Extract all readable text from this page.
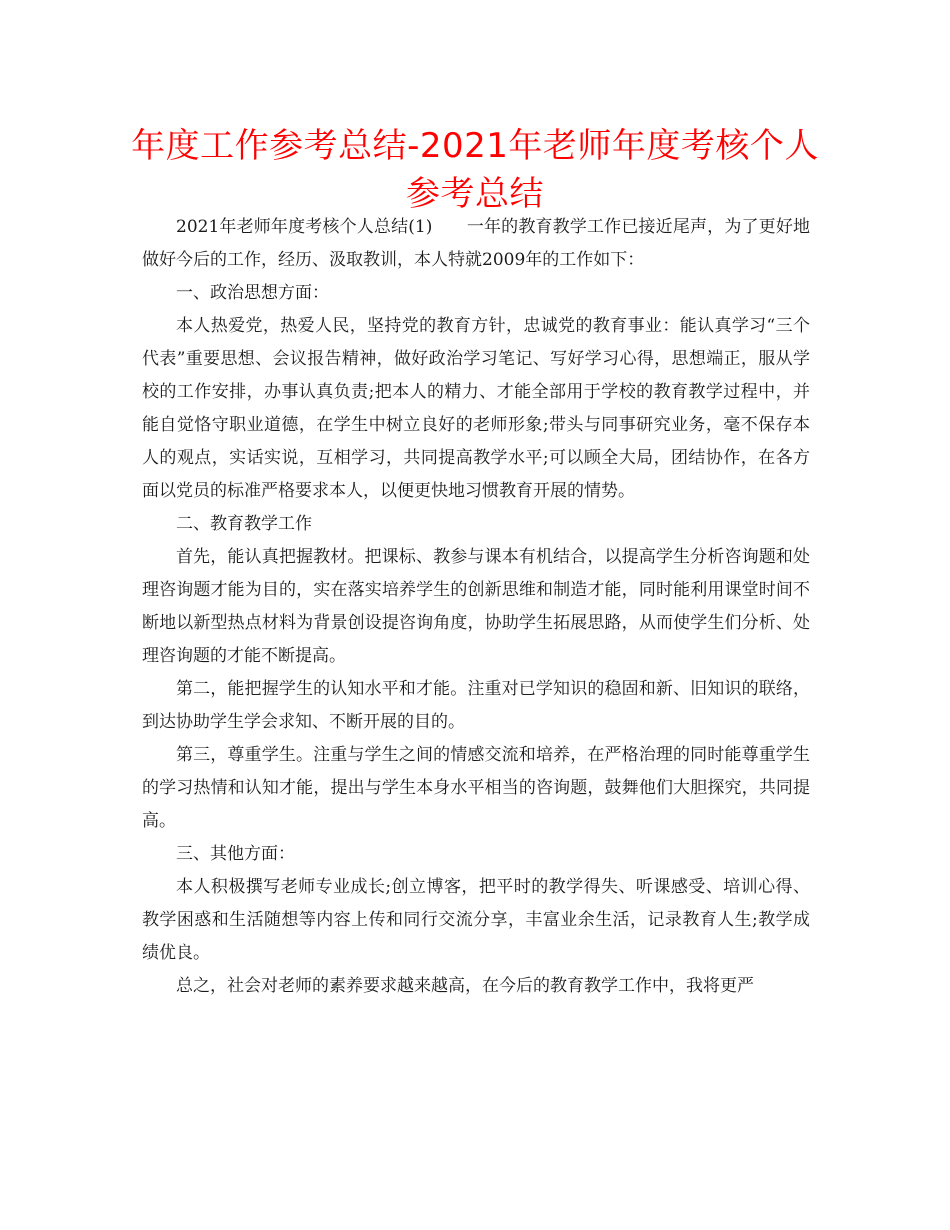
年度工作参考总结-2021年老师年度考核个人参考总结

2021年老师年度考核个人总结(1)　　一年的教育教学工作已接近尾声，为了更好地做好今后的工作，经历、汲取教训，本人特就2009年的工作如下：

一、政治思想方面：

本人热爱党，热爱人民，坚持党的教育方针，忠诚党的教育事业：能认真学习“三个代表”重要思想、会议报告精神，做好政治学习笔记、写好学习心得，思想端正，服从学校的工作安排，办事认真负责;把本人的精力、才能全部用于学校的教育教学过程中，并能自觉恪守职业道德，在学生中树立良好的老师形象;带头与同事研究业务，毫不保存本人的观点，实话实说，互相学习，共同提高教学水平;可以顾全大局，团结协作，在各方面以党员的标准严格要求本人，以便更快地习惯教育开展的情势。

二、教育教学工作

首先，能认真把握教材。把课标、教参与课本有机结合，以提高学生分析咨询题和处理咨询题才能为目的，实在落实培养学生的创新思维和制造才能，同时能利用课堂时间不断地以新型热点材料为背景创设提咨询角度，协助学生拓展思路，从而使学生们分析、处理咨询题的才能不断提高。

第二，能把握学生的认知水平和才能。注重对已学知识的稳固和新、旧知识的联络，到达协助学生学会求知、不断开展的目的。

第三，尊重学生。注重与学生之间的情感交流和培养，在严格治理的同时能尊重学生的学习热情和认知才能，提出与学生本身水平相当的咨询题，鼓舞他们大胆探究，共同提高。

三、其他方面：

本人积极撰写老师专业成长;创立博客，把平时的教学得失、听课感受、培训心得、教学困惑和生活随想等内容上传和同行交流分享，丰富业余生活，记录教育人生;教学成绩优良。

总之，社会对老师的素养要求越来越高，在今后的教育教学工作中，我将更严
